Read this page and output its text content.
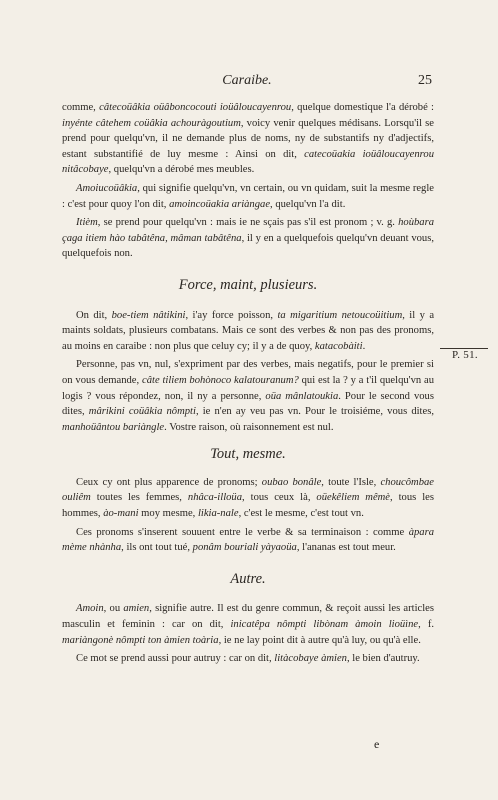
Caraibe.	25

comme, câtecoüâkia oüâboncocouti ioüâloucayenrou, quelque domestique l'a dérobé : inyénte câtehem coüâkia achouràgoutium, voicy venir quelques médisans. Lorsqu'il se prend pour quelqu'vn, il ne demande plus de noms, ny de substantifs ny d'adjectifs, estant substantifié de luy mesme : Ainsi on dit, catecoüakia ioüâloucayenrou nitâcobaye, quelqu'vn a dérobé mes meubles.

Amoiucoüâkia, qui signifie quelqu'vn, vn certain, ou vn quidam, suit la mesme regle : c'est pour quoy l'on dit, amoincoüakia ariàngae, quelqu'vn l'a dit.

Itièm, se prend pour quelqu'vn : mais ie ne sçais pas s'il est pronom ; v. g. hoùbara çaga itiem hào tabâtêna, mâman tabâtêna, il y en a quelquefois quelqu'vn deuant vous, quelquefois non.

Force, maint, plusieurs.

On dit, boe-tiem nâtikini, i'ay force poisson, ta migaritium netoucoüitium, il y a maints soldats, plusieurs combatans. Mais ce sont des verbes & non pas des pronoms, au moins en caraibe : non plus que celuy cy; il y a de quoy, katacobàiti.

Personne, pas vn, nul, s'expriment par des verbes, mais negatifs, pour le premier si on vous demande, câte tiliem bohònoco kalatouranum? qui est la ? y a t'il quelqu'vn au logis ? vous répondez, non, il ny a personne, oüa mânlatoukia. Pour le second vous dites, mârikini coüâkia nômpti, ie n'en ay veu pas vn. Pour le troisiéme, vous dites, manhoüântou bariàngle. Vostre raison, où raisonnement est nul.

Tout, mesme.

Ceux cy ont plus apparence de pronoms; oubao bonâle, toute l'Isle, choucômbae ouliêm toutes les femmes, nhâca-illoüa, tous ceux là, oüekêliem mêmè, tous les hommes, ào-mani moy mesme, likia-nale, c'est le mesme, c'est tout vn.

Ces pronoms s'inserent souuent entre le verbe & sa terminaison : comme àpara mème nhànha, ils ont tout tué, ponâm bouriali yàyaoüa, l'ananas est tout meur.

Autre.

Amoin, ou amien, signifie autre. Il est du genre commun, & reçoit aussi les articles masculin et feminin : car on dit, inicatêpa nômpti libònam àmoin lioüìne, f. mariàngonè nômpti ton àmien toària, ie ne lay point dit à autre qu'à luy, ou qu'à elle.

Ce mot se prend aussi pour autruy : car on dit, litàcobaye àmien, le bien d'autruy.

P. 51.
e
